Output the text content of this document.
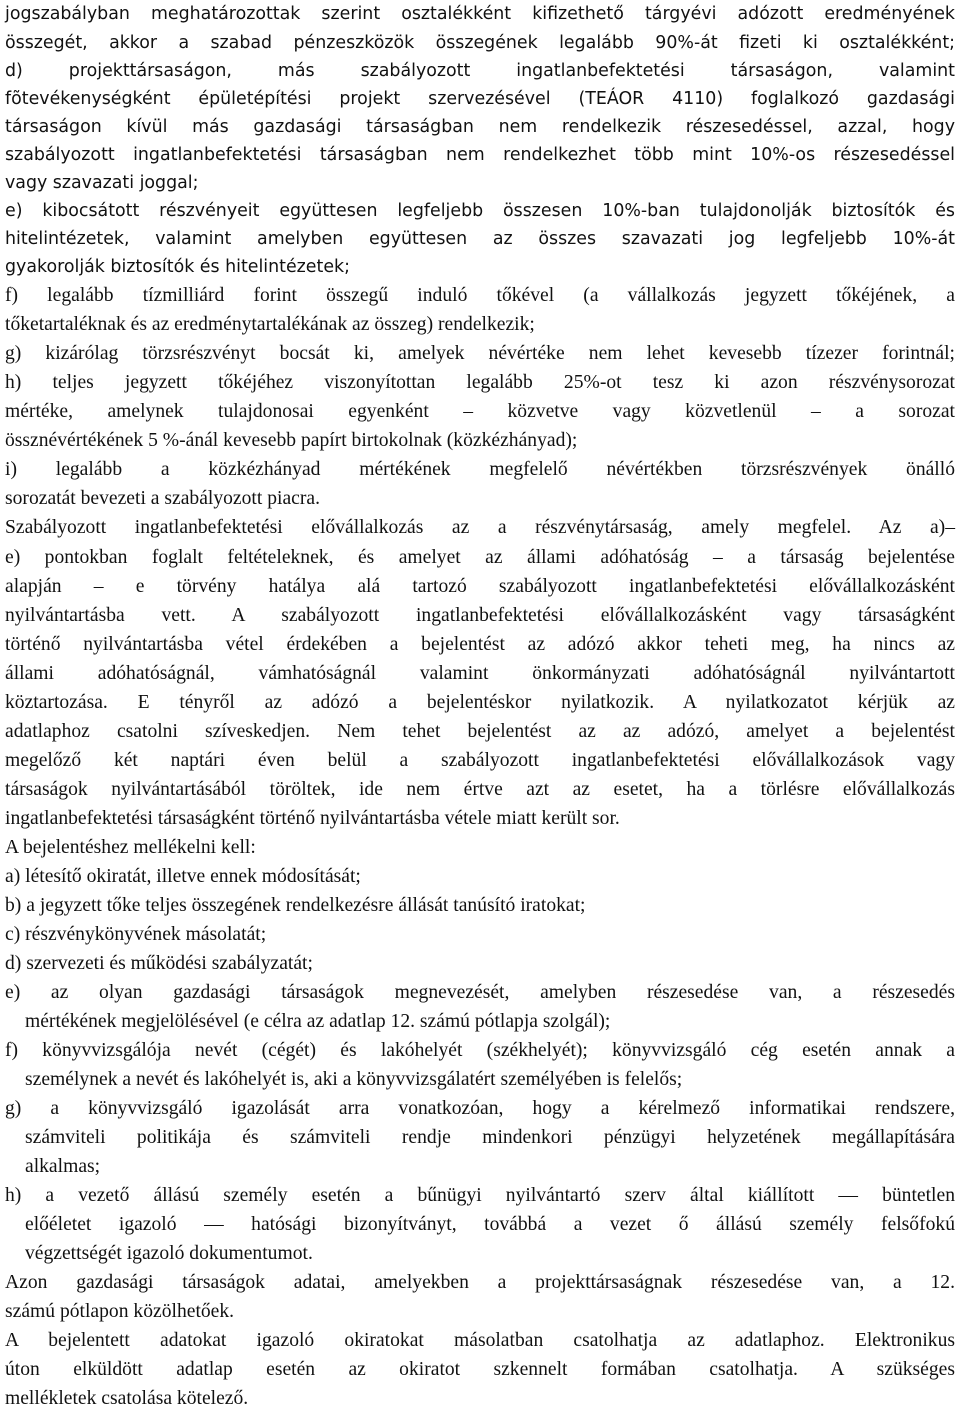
jogszabályban meghatározottak szerint osztalékként kifizethető tárgyévi adózott eredményének
összegét, akkor a szabad pénzeszközök összegének legalább 90%-át fizeti ki osztalékként;
d) projekttársaságon, más szabályozott ingatlanbefektetési társaságon, valamint
fõtevékenységként épületépítési projekt szervezésével (TEÁOR 4110) foglalkozó gazdasági
társaságon kívül más gazdasági társaságban nem rendelkezik részesedéssel, azzal, hogy
szabályozott ingatlanbefektetési társaságban nem rendelkezhet több mint 10%-os részesedéssel
vagy szavazati joggal;
e) kibocsátott részvényeit együttesen legfeljebb összesen 10%-ban tulajdonolják biztosítók és
hitelintézetek, valamint amelyben együttesen az összes szavazati jog legfeljebb 10%-át
gyakorolják biztosítók és hitelintézetek;
f) legalább tízmilliárd forint összegű induló tőkével (a vállalkozás jegyzett tőkéjének, a
tőketartaléknak és az eredménytartalékának az összeg) rendelkezik;
g) kizárólag törzsrészvényt bocsát ki, amelyek névértéke nem lehet kevesebb tízezer forintnál;
h) teljes jegyzett tőkéjéhez viszonyítottan legalább 25%-ot tesz ki azon részvénysorozat
mértéke, amelynek tulajdonosai egyenként – közvetve vagy közvetlenül – a sorozat
össznévértékének 5 %-ánál kevesebb papírt birtokolnak (közkézhányad);
i) legalább a közkézhányad mértékének megfelelő névértékben törzsrészvények önálló
sorozatát bevezeti a szabályozott piacra.
Szabályozott ingatlanbefektetési elővállalkozás az a részvénytársaság, amely megfelel. Az a)–
e) pontokban foglalt feltételeknek, és amelyet az állami adóhatóság – a társaság bejelentése
alapján – e törvény hatálya alá tartozó szabályozott ingatlanbefektetési elővállalkozásként
nyilvántartásba vett. A szabályozott ingatlanbefektetési elővállalkozásként vagy társaságként
történő nyilvántartásba vétel érdekében a bejelentést az adózó akkor teheti meg, ha nincs az
állami adóhatóságnál, vámhatóságnál valamint önkormányzati adóhatóságnál nyilvántartott
köztartozása. E tényről az adózó a bejelentéskor nyilatkozik. A nyilatkozatot kérjük az
adatlaphoz csatolni szíveskedjen. Nem tehet bejelentést az az adózó, amelyet a bejelentést
megelőző két naptári éven belül a szabályozott ingatlanbefektetési elővállalkozások vagy
társaságok nyilvántartásából töröltek, ide nem értve azt az esetet, ha a törlésre elővállalkozás
ingatlanbefektetési társaságként történő nyilvántartásba vétele miatt került sor.
A bejelentéshez mellékelni kell:
a) létesítő okiratát, illetve ennek módosítását;
b) a jegyzett tőke teljes összegének rendelkezésre állását tanúsító iratokat;
c) részvénykönyvének másolatát;
d) szervezeti és működési szabályzatát;
e) az olyan gazdasági társaságok megnevezését, amelyben részesedése van, a részesedés
mértékének megjelölésével (e célra az adatlap 12. számú pótlapja szolgál);
f) könyvvizsgálója nevét (cégét) és lakóhelyét (székhelyét); könyvvizsgáló cég esetén annak a
személynek a nevét és lakóhelyét is, aki a könyvvizsgálatért személyében is felelős;
g) a könyvvizsgáló igazolását arra vonatkozóan, hogy a kérelmező informatikai rendszere,
számviteli politikája és számviteli rendje mindenkori pénzügyi helyzetének megállapítására
alkalmas;
h) a vezető állású személy esetén a bűnügyi nyilvántartó szerv által kiállított — büntetlen
előéletet igazoló — hatósági bizonyítványt, továbbá a vezet ő állású személy felsőfokú
végzettségét igazoló dokumentumot.
Azon gazdasági társaságok adatai, amelyekben a projekttársaságnak részesedése van, a 12.
számú pótlapon közölhetőek.
A bejelentett adatokat igazoló okiratokat másolatban csatolhatja az adatlaphoz. Elektronikus
úton elküldött adatlap esetén az okiratot szkennelt formában csatolhatja. A szükséges
mellékletek csatolása kötelező.
